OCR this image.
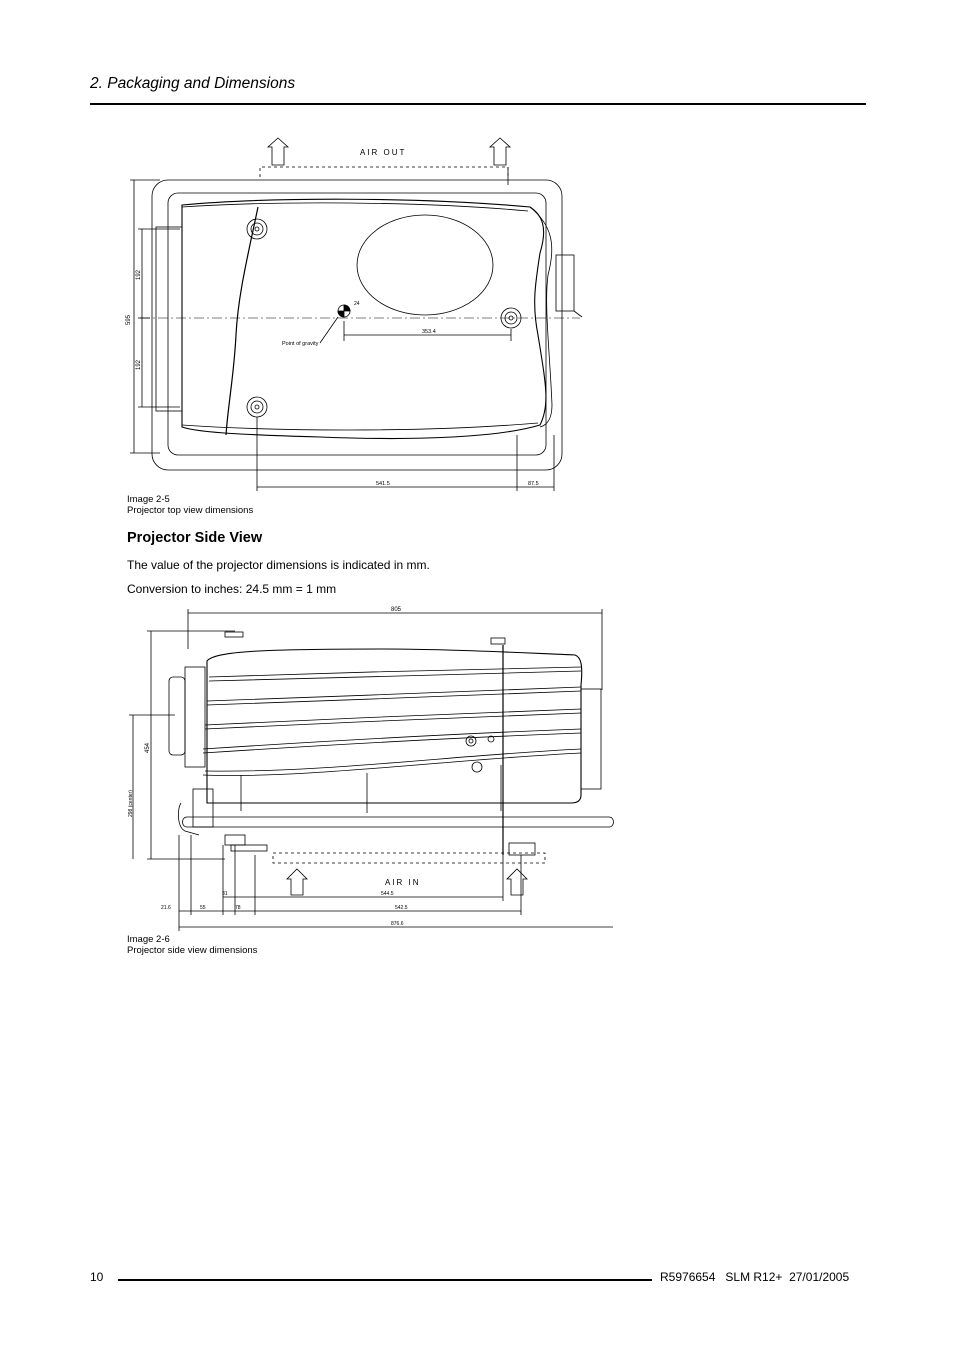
2. Packaging and Dimensions
AIR OUT
595
192
192
24
Point of gravity
353.4
541.5	87.5
Image 2-5
Projector top view dimensions
Projector Side View
The value of the projector dimensions is indicated in mm.
Conversion to inches: 24.5 mm = 1 mm
805
454
298 (center)
AIR IN
544.5
31
21.6	55	78	542.5
876.6
Image 2-6
Projector side view dimensions
10	R5976654   SLM R12+  27/01/2005
